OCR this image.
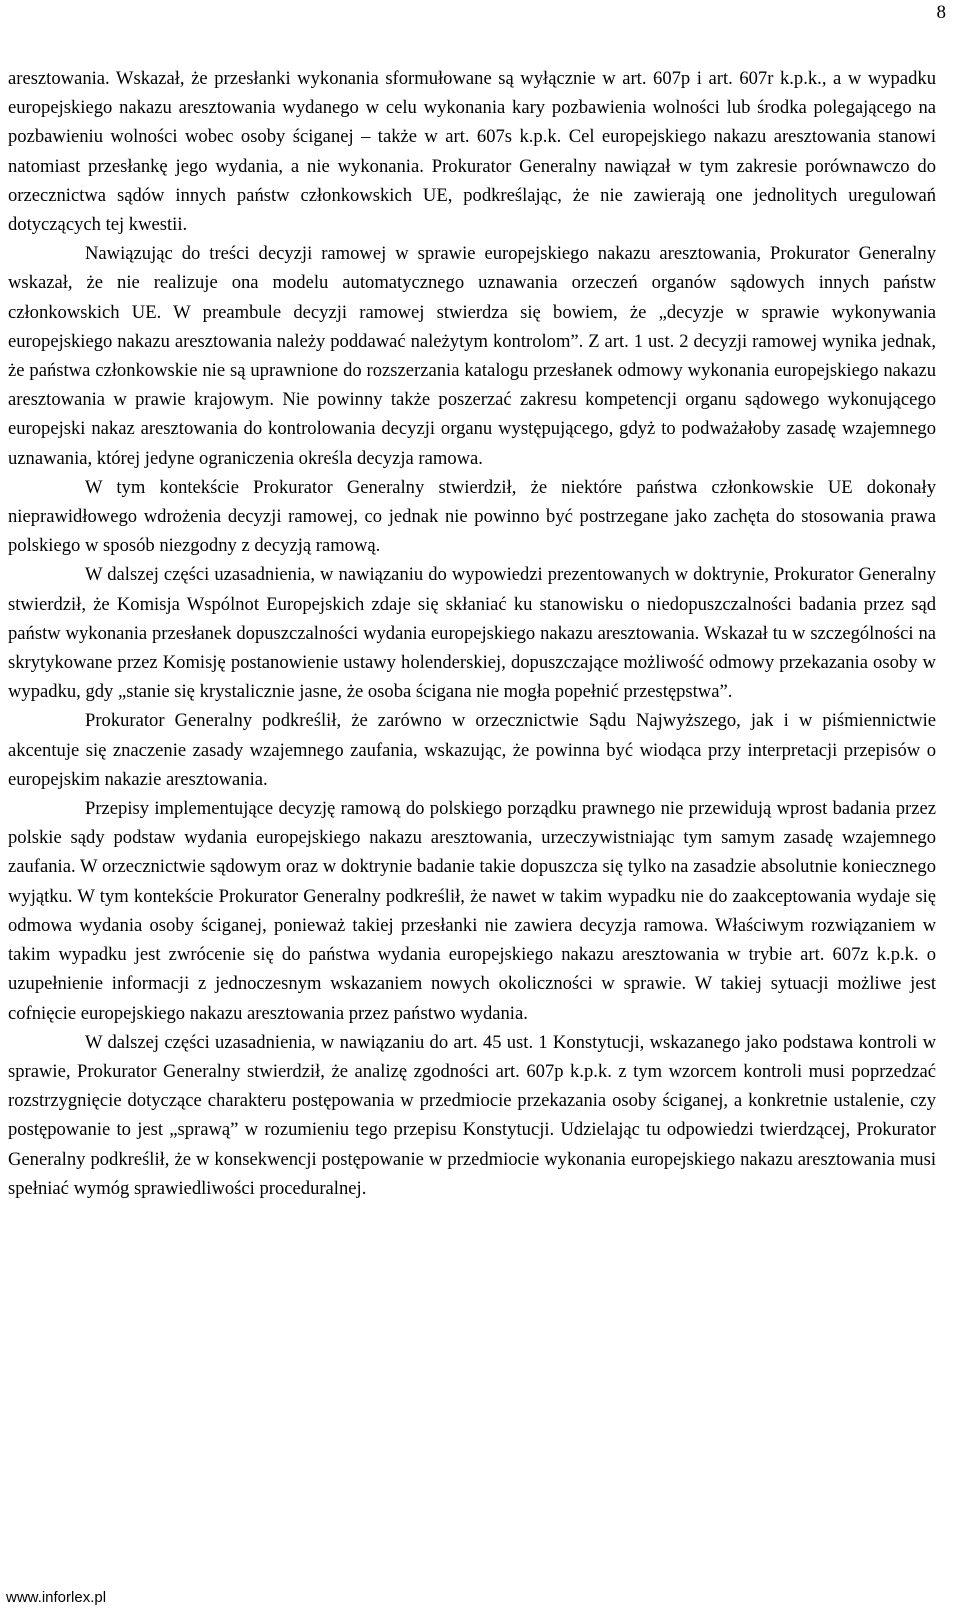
8

aresztowania. Wskazał, że przesłanki wykonania sformułowane są wyłącznie w art. 607p i art. 607r k.p.k., a w wypadku europejskiego nakazu aresztowania wydanego w celu wykonania kary pozbawienia wolności lub środka polegającego na pozbawieniu wolności wobec osoby ściganej – także w art. 607s k.p.k. Cel europejskiego nakazu aresztowania stanowi natomiast przesłankę jego wydania, a nie wykonania. Prokurator Generalny nawiązał w tym zakresie porównawczo do orzecznictwa sądów innych państw członkowskich UE, podkreślając, że nie zawierają one jednolitych uregulowań dotyczących tej kwestii.

Nawiązując do treści decyzji ramowej w sprawie europejskiego nakazu aresztowania, Prokurator Generalny wskazał, że nie realizuje ona modelu automatycznego uznawania orzeczeń organów sądowych innych państw członkowskich UE. W preambule decyzji ramowej stwierdza się bowiem, że „decyzje w sprawie wykonywania europejskiego nakazu aresztowania należy poddawać należytym kontrolom”. Z art. 1 ust. 2 decyzji ramowej wynika jednak, że państwa członkowskie nie są uprawnione do rozszerzania katalogu przesłanek odmowy wykonania europejskiego nakazu aresztowania w prawie krajowym. Nie powinny także poszerzać zakresu kompetencji organu sądowego wykonującego europejski nakaz aresztowania do kontrolowania decyzji organu występującego, gdyż to podważałoby zasadę wzajemnego uznawania, której jedyne ograniczenia określa decyzja ramowa.

W tym kontekście Prokurator Generalny stwierdził, że niektóre państwa członkowskie UE dokonały nieprawidłowego wdrożenia decyzji ramowej, co jednak nie powinno być postrzegane jako zachęta do stosowania prawa polskiego w sposób niezgodny z decyzją ramową.

W dalszej części uzasadnienia, w nawiązaniu do wypowiedzi prezentowanych w doktrynie, Prokurator Generalny stwierdził, że Komisja Wspólnot Europejskich zdaje się skłaniać ku stanowisku o niedopuszczalności badania przez sąd państw wykonania przesłanek dopuszczalności wydania europejskiego nakazu aresztowania. Wskazał tu w szczególności na skrytykowane przez Komisję postanowienie ustawy holenderskiej, dopuszczające możliwość odmowy przekazania osoby w wypadku, gdy „stanie się krystalicznie jasne, że osoba ścigana nie mogła popełnić przestępstwa”.

Prokurator Generalny podkreślił, że zarówno w orzecznictwie Sądu Najwyższego, jak i w piśmiennictwie akcentuje się znaczenie zasady wzajemnego zaufania, wskazując, że powinna być wiodąca przy interpretacji przepisów o europejskim nakazie aresztowania.

Przepisy implementujące decyzję ramową do polskiego porządku prawnego nie przewidują wprost badania przez polskie sądy podstaw wydania europejskiego nakazu aresztowania, urzeczywistniając tym samym zasadę wzajemnego zaufania. W orzecznictwie sądowym oraz w doktrynie badanie takie dopuszcza się tylko na zasadzie absolutnie koniecznego wyjątku. W tym kontekście Prokurator Generalny podkreślił, że nawet w takim wypadku nie do zaakceptowania wydaje się odmowa wydania osoby ściganej, ponieważ takiej przesłanki nie zawiera decyzja ramowa. Właściwym rozwiązaniem w takim wypadku jest zwrócenie się do państwa wydania europejskiego nakazu aresztowania w trybie art. 607z k.p.k. o uzupełnienie informacji z jednoczesnym wskazaniem nowych okoliczności w sprawie. W takiej sytuacji możliwe jest cofnięcie europejskiego nakazu aresztowania przez państwo wydania.

W dalszej części uzasadnienia, w nawiązaniu do art. 45 ust. 1 Konstytucji, wskazanego jako podstawa kontroli w sprawie, Prokurator Generalny stwierdził, że analizę zgodności art. 607p k.p.k. z tym wzorcem kontroli musi poprzedzać rozstrzygnięcie dotyczące charakteru postępowania w przedmiocie przekazania osoby ściganej, a konkretnie ustalenie, czy postępowanie to jest „sprawą” w rozumieniu tego przepisu Konstytucji. Udzielając tu odpowiedzi twierdzącej, Prokurator Generalny podkreślił, że w konsekwencji postępowanie w przedmiocie wykonania europejskiego nakazu aresztowania musi spełniać wymóg sprawiedliwości proceduralnej.

www.inforlex.pl
